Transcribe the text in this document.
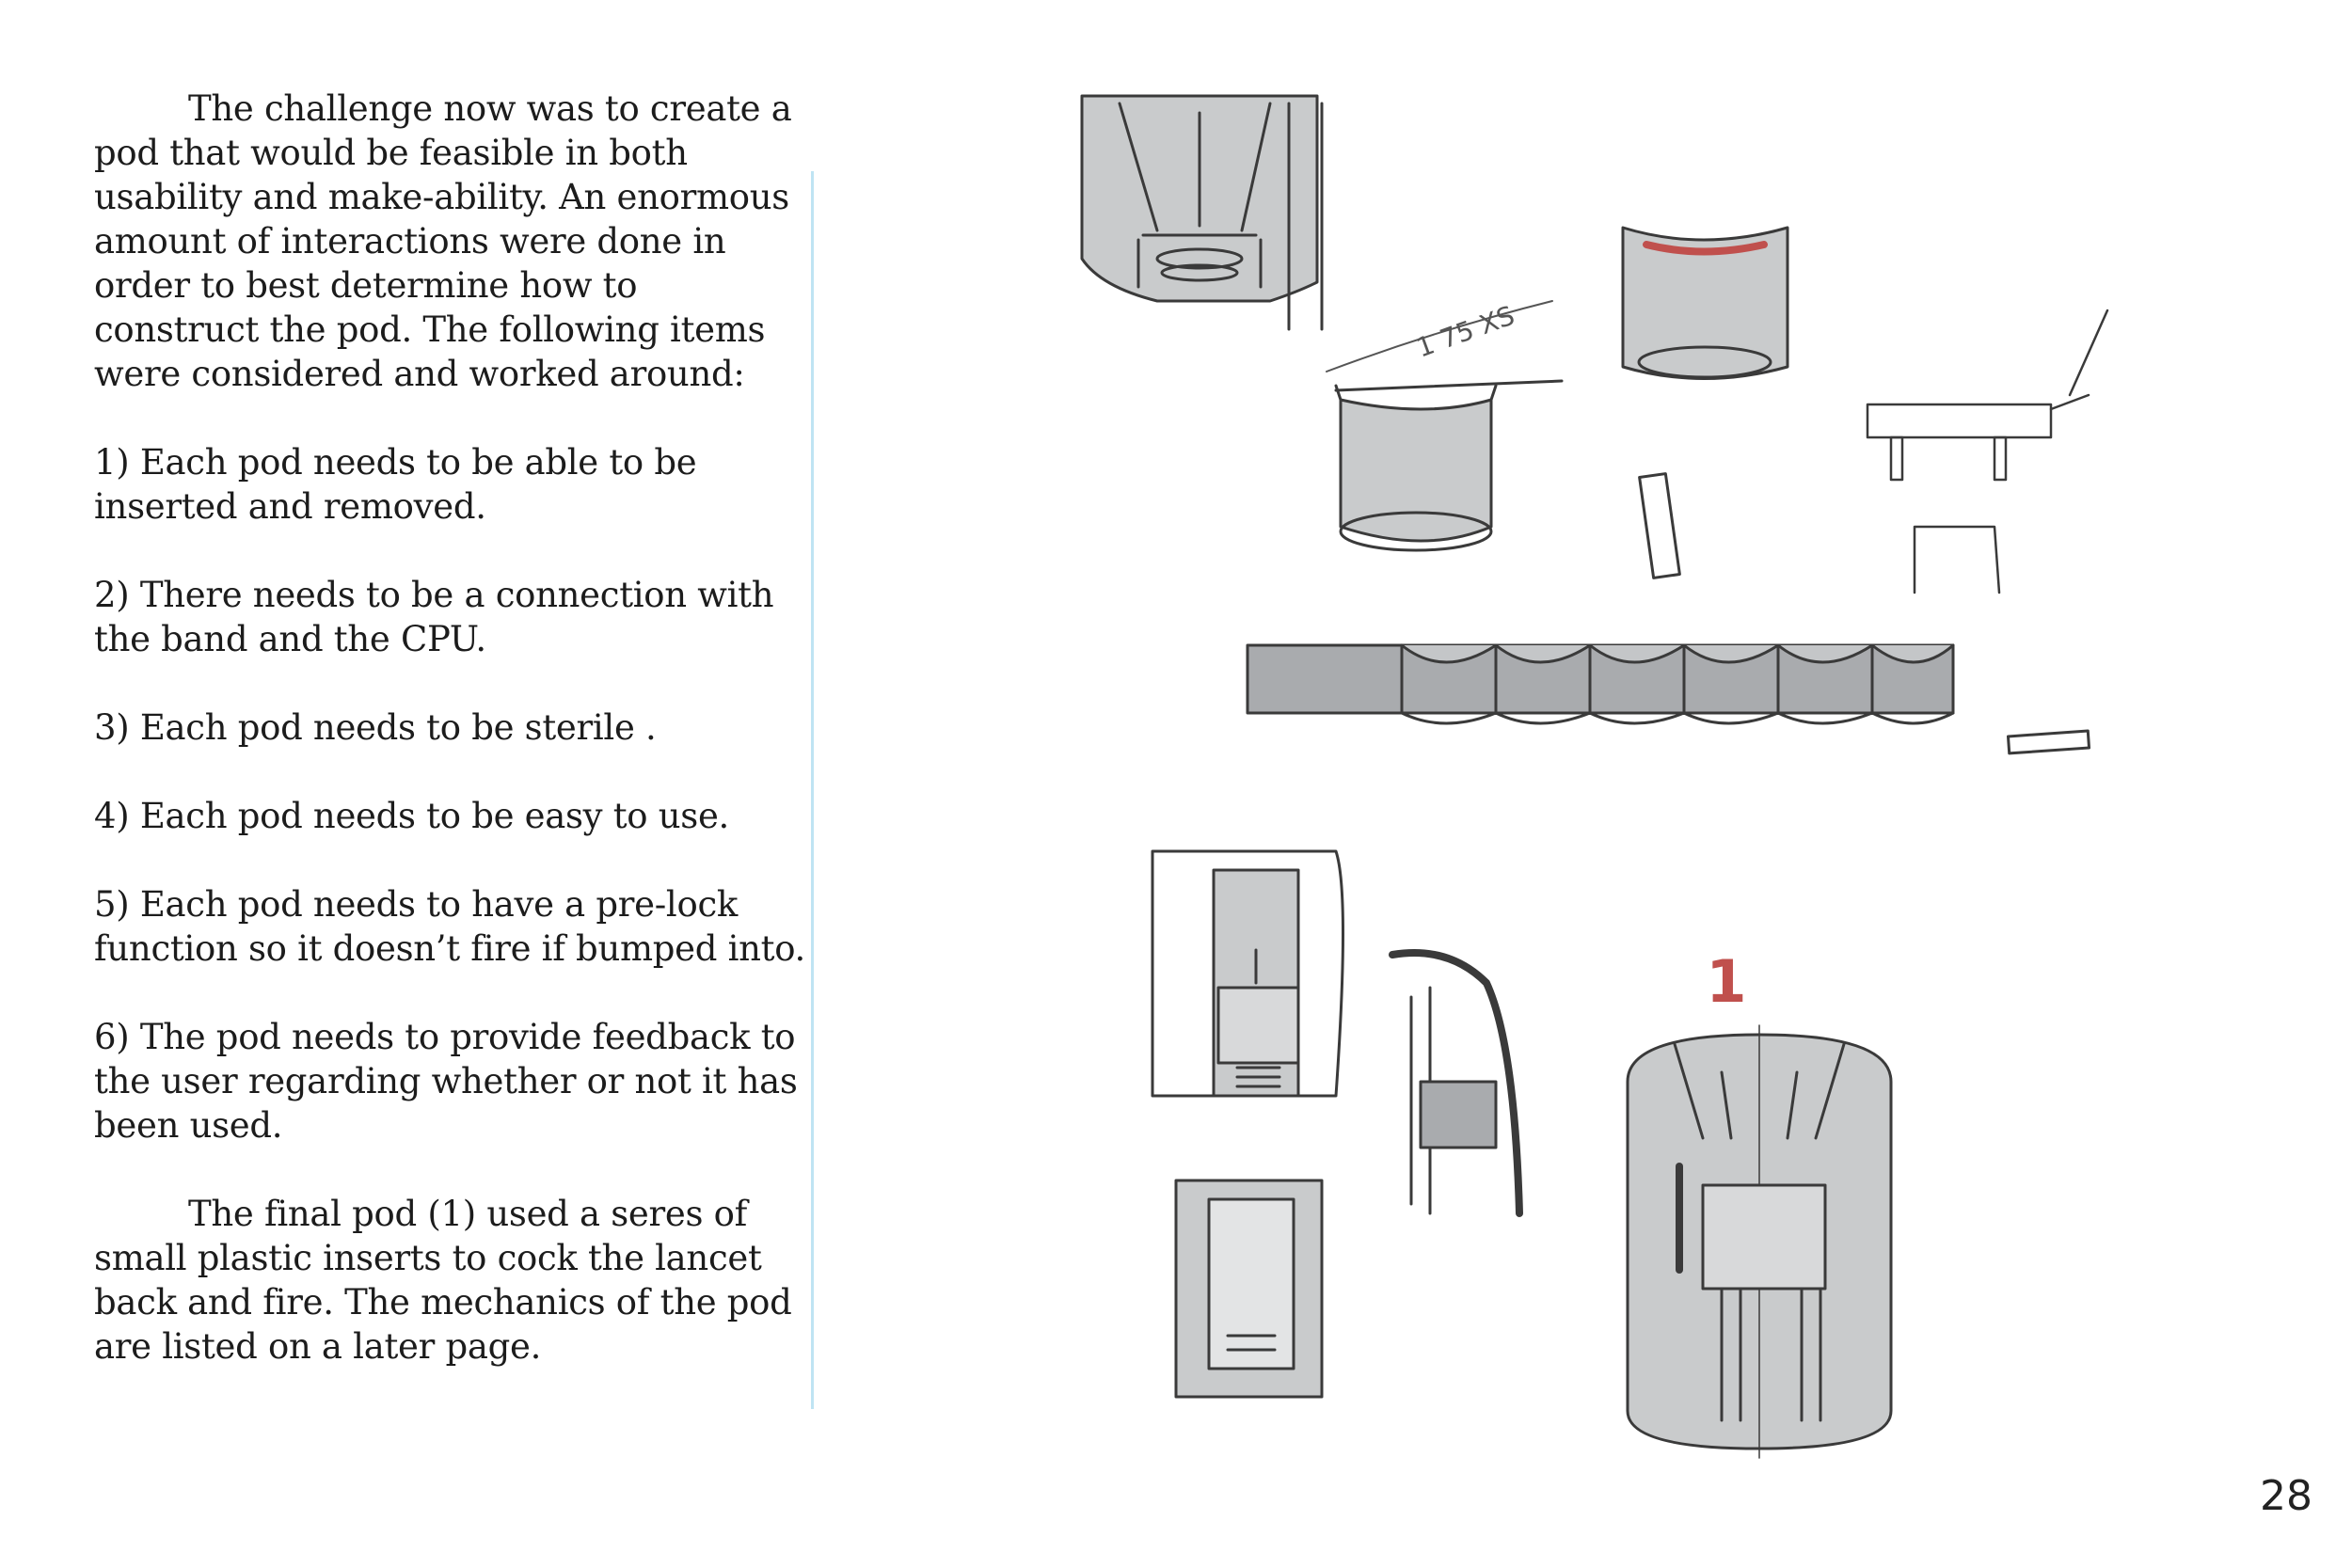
The challenge now was to create a pod that would be feasible in both usability and make-ability. An enormous amount of interactions were done in order to best determine how to construct the pod. The following items were considered and worked around:

1) Each pod needs to be able to be inserted and removed.

2) There needs to be a connection with the band and the CPU.

3) Each pod needs to be sterile .

4) Each pod needs to be easy to use.

5) Each pod needs to have a pre-lock function so it doesn’t fire if bumped into.

6) The pod needs to provide feedback to the user regarding whether or not it has been used.

The final pod (1) used a seres of small plastic inserts to cock the lancet back and fire. The mechanics of the pod are listed on a later page.

1 75 XS
1
28
